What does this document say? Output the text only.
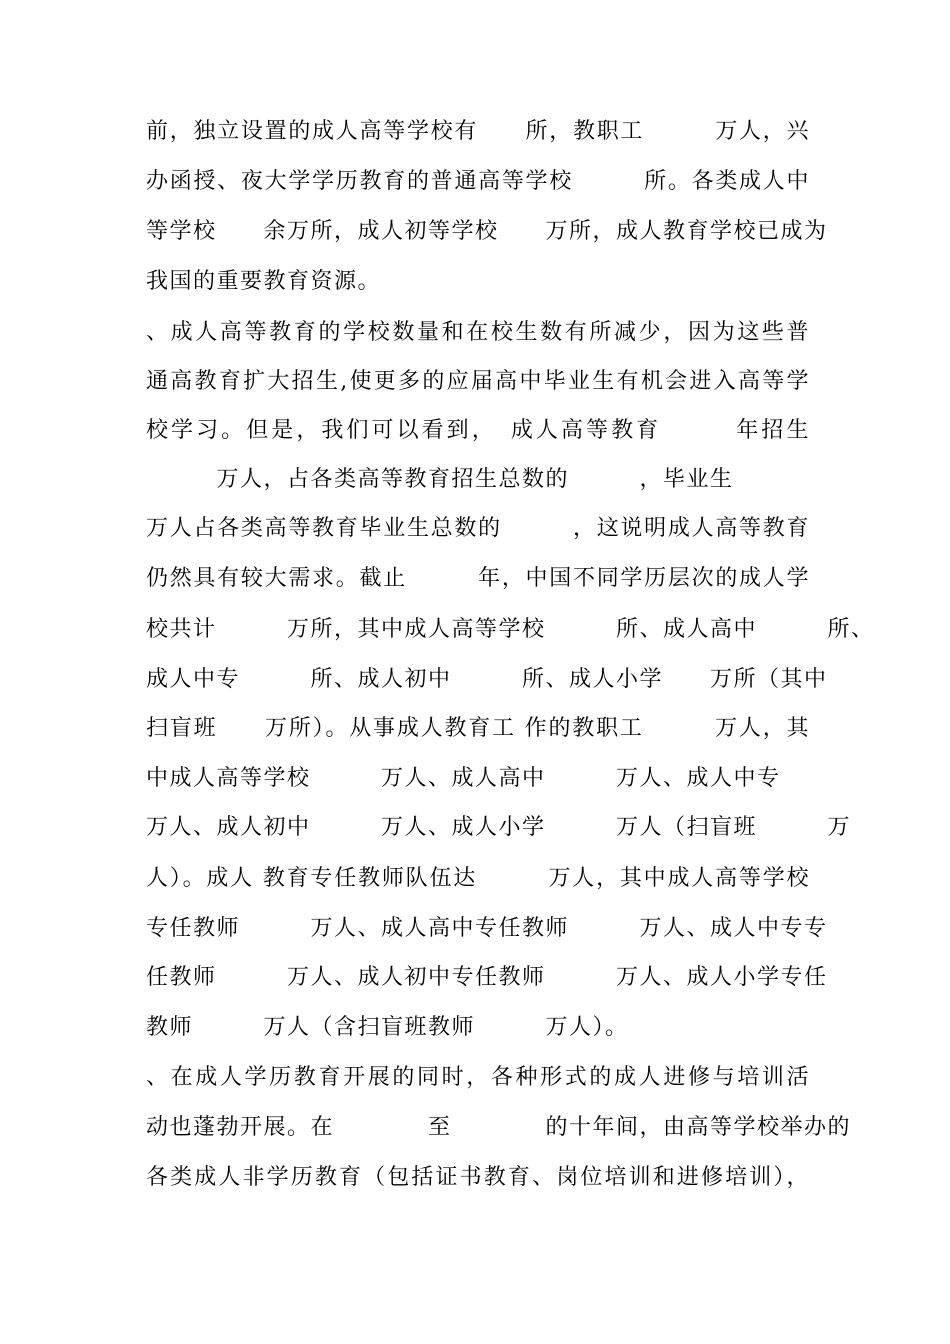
前，独立设置的成人高等学校有　　所，教职工　　　万人，兴
办函授、夜大学学历教育的普通高等学校　　　所。各类成人中
等学校　　余万所，成人初等学校　　万所，成人教育学校已成为
我国的重要教育资源。
、成人高等教育的学校数量和在校生数有所减少，因为这些普
通高教育扩大招生,使更多的应届高中毕业生有机会进入高等学
校学习。但是，我们可以看到，　成人高等教育　　　年招生
　　　万人，占各类高等教育招生总数的　　　，毕业生
万人占各类高等教育毕业生总数的　　　，这说明成人高等教育
仍然具有较大需求。截止　　　年，中国不同学历层次的成人学
校共计　　　万所，其中成人高等学校　　　所、成人高中　　　所、
成人中专　　　所、成人初中　　　所、成人小学　　万所（其中
扫盲班　　万所）。从事成人教育工 作的教职工　　　万人，其
中成人高等学校　　　万人、成人高中　　　万人、成人中专
万人、成人初中　　　万人、成人小学　　　万人（扫盲班　　　万
人）。成人 教育专任教师队伍达　　　万人，其中成人高等学校
专任教师　　　万人、成人高中专任教师　　　万人、成人中专专
任教师　　　万人、成人初中专任教师　　　万人、成人小学专任
教师　　　万人（含扫盲班教师　　　万人）。
、在成人学历教育开展的同时，各种形式的成人进修与培训活
动也蓬勃开展。在　　　　至　　　　的十年间，由高等学校举办的
各类成人非学历教育（包括证书教育、岗位培训和进修培训），
